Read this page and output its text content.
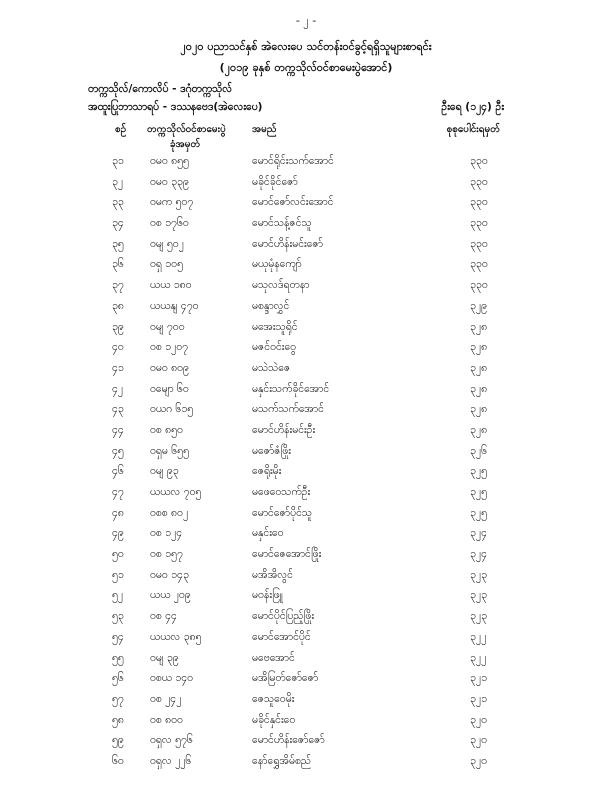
- ၂ -
၂၀၂၀ ပညာသင်နှစ် အဲလေးပေ သင်တန်းဝင်ခွင့်ရရှိသူများစာရင်း
(၂၀၁၉ ခုနှစ် တက္ကသိုလ်ဝင်စာမေးပွဲအောင်)
တက္ကသိုလ်/ကောလိပ် - ‌ဒဂုံတက္ကသိုလ်
အထူးပြုဘာသာရပ် - ‌ဒဿနဗေဒ(အဲလေးပေ)	ဦးရေ (၁၂၄) ဦး
စဉ် တက္ကသိုလ်ဝင်စာမေးပွဲ
ခုံအမှတ်
အမည်	စုစုပေါင်းရမှတ်
၃၁	ဝမ၀ ၈၅၅	မောင်ရိုင်းသက်အောင်	၃၃၀
၃၂	ဝမ၀ ၃၃၉	မခိုင်ခိုင်ဇော်	၃၃၀
၃၃	ဝမက ၅၀၇	မောင်ဇော်လင်းအောင်	၃၃၀
၃၄	ဝစ ၁၇၆၀	မောင်သန့်ဇင်သူ	၃၃၀
၃၅	ဝမျ ၅၀၂	မောင်ဟိန်းမင်းဇော်	၃၃၀
၃၆	ဝရှ ၁၀၅	မယုမုံနကျော်	၃၃၀
၃၇	ယယ ၁၈၀	မသုလဒ်ရတနာ	၃၃၀
၃၈	ယယနျ ၄၇၀	မစန္ဒာလွှင်	၃၂၉
၃၉	ဝမျ ၇၀၀	မအေးသူရိုင်	၃၂၈
၄၀	ဝစ ၁၂၀၇	မဇင်ဝင်းဝွေ	၃၂၈
၄၁	ဝမ၀ ၈၀၉	မသဲသဲဇေ	၃၂၈
၄၂	ဝမျော ၆၀	မနှင်းသက်ခိုင်အောင်	၃၂၈
၄၃	ဝယဂ ၆၁၅	မသက်သက်အောင်	၃၂၈
၄၄	ဝစ ၈၅၀	မောင်ဟိန်းမင်းဦး	၃၂၈
၄၅	ဝရှမ ၆၅၅	မဇော်ဇံဖြိုး	၃၂၆
၄၆	ဝမျ ၉၃	ဇေရိုးမိုး	၃၂၅
၄၇	ယယလ ၇၀၅	မဖေဝေသက်ဦး	၃၂၅
၄၈	ဝစစ ၈၀၂	မောင်ဇော်ပိုင်သူ	၃၂၅
၄၉	ဝစ ၁၂၄	မနှင်းဝေ	၃၂၄
၅၀	ဝစ ၁၅၇	မောင်ဇေအောင်ဖြိုး	၃၂၄
၅၁	ဝမ၀ ၁၄၃	မအိအိလွင်	၃၂၃
၅၂	ယယ ၂၀၉	မဝန်းဖြူ	၃၂၃
၅၃	ဝစ ၄၄	မောင်ပိုင်ပြည့်ဖြိုး	၃၂၃
၅၄	ယယလ ၃၈၅	မောင်အောင်ပိုင်	၃၂၂
၅၅	ဝမျ ၃၉	မဗေအောင်	၃၂၂
၅၆	ဝစယ ၁၄၀	မအိမြတ်ဇော်ဇော်	၃၂၁
၅၇	ဝစ ၂၄၂	ဇေသူဝေမိုး	၃၂၁
၅၈	ဝစ ၈၀၀	မခိုင်နှင်းဝေ	၃၂၀
၅၉	ဝရှလ ၅၇၆	မောင်ဟိန်းဇော်ဇော်	၃၂၀
၆၀	ဝရှလ ၂၂၆	နော်ရွှေအိမ်စည်	၃၂၀
